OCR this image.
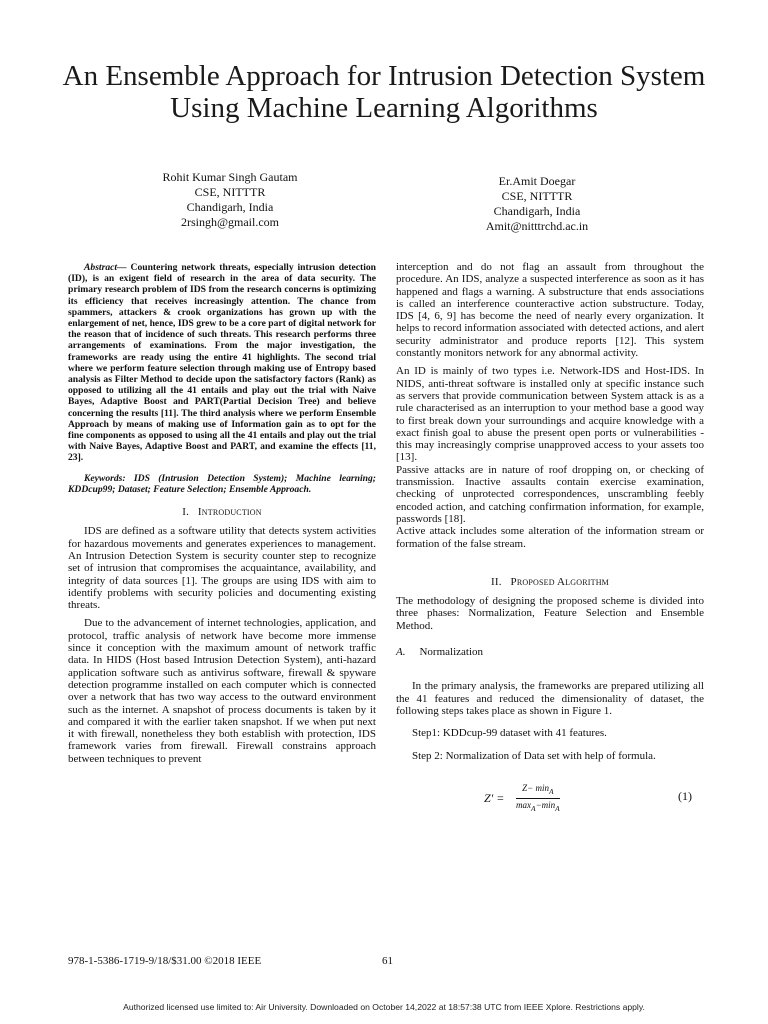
An Ensemble Approach for Intrusion Detection System Using Machine Learning Algorithms
Rohit Kumar Singh Gautam
CSE, NITTTR
Chandigarh, India
2rsingh@gmail.com
Er.Amit Doegar
CSE, NITTTR
Chandigarh, India
Amit@nitttrchd.ac.in

Abstract— Countering network threats, especially intrusion detection (ID), is an exigent field of research in the area of data security. The primary research problem of IDS from the research concerns is optimizing its efficiency that receives increasingly attention. The chance from spammers, attackers & crook organizations has grown up with the enlargement of net, hence, IDS grew to be a core part of digital network for the reason that of incidence of such threats. This research performs three arrangements of examinations. From the major investigation, the frameworks are ready using the entire 41 highlights. The second trial where we perform feature selection through making use of Entropy based analysis as Filter Method to decide upon the satisfactory factors (Rank) as opposed to utilizing all the 41 entails and play out the trial with Naive Bayes, Adaptive Boost and PART(Partial Decision Tree) and believe concerning the results [11]. The third analysis where we perform Ensemble Approach by means of making use of Information gain as to opt for the fine components as opposed to using all the 41 entails and play out the trial with Naive Bayes, Adaptive Boost and PART, and examine the effects [11, 23].

Keywords: IDS (Intrusion Detection System); Machine learning; KDDcup99; Dataset; Feature Selection; Ensemble Approach.

I.   Introduction

IDS are defined as a software utility that detects system activities for hazardous movements and generates experiences to management. An Intrusion Detection System is security counter step to recognize set of intrusion that compromises the acquaintance, availability, and integrity of data sources [1]. The groups are using IDS with aim to identify problems with security policies and documenting existing threats.

Due to the advancement of internet technologies, application, and protocol, traffic analysis of network have become more immense since it conception with the maximum amount of network traffic data. In HIDS (Host based Intrusion Detection System), anti-hazard application software such as antivirus software, firewall & spyware detection programme installed on each computer which is connected over a network that has two way access to the outward environment such as the internet. A snapshot of process documents is taken by it and compared it with the earlier taken snapshot. If we when put next it with firewall, nonetheless they both establish with protection, IDS framework varies from firewall. Firewall constrains approach between techniques to prevent

interception and do not flag an assault from throughout the procedure. An IDS, analyze a suspected interference as soon as it has happened and flags a warning. A substructure that ends associations is called an interference counteractive action substructure. Today, IDS [4, 6, 9] has become the need of nearly every organization. It helps to record information associated with detected actions, and alert security administrator and produce reports [12]. This system constantly monitors network for any abnormal activity.

An ID is mainly of two types i.e. Network-IDS and Host-IDS. In NIDS, anti-threat software is installed only at specific instance such as servers that provide communication between System attack is as a rule characterised as an interruption to your method base a good way to first break down your surroundings and acquire knowledge with a exact finish goal to abuse the present open ports or vulnerabilities - this may increasingly comprise unapproved access to your assets too [13].

Passive attacks are in nature of roof dropping on, or checking of transmission. Inactive assaults contain exercise examination, checking of unprotected correspondences, unscrambling feebly encoded action, and catching confirmation information, for example, passwords [18].

Active attack includes some alteration of the information stream or formation of the false stream.

II.   Proposed Algorithm

The methodology of designing the proposed scheme is divided into three phases: Normalization, Feature Selection and Ensemble Method.

A. Normalization

In the primary analysis, the frameworks are prepared utilizing all the 41 features and reduced the dimensionality of dataset, the following steps takes place as shown in Figure 1.

Step1: KDDcup-99 dataset with 41 features.

Step 2: Normalization of Data set with help of formula.

Z′ =
$Z- \min_A$
$\max_A-\min_A$
(1)
978-1-5386-1719-9/18/$31.00 ©2018 IEEE	61
Authorized licensed use limited to: Air University. Downloaded on October 14,2022 at 18:57:38 UTC from IEEE Xplore. Restrictions apply.
